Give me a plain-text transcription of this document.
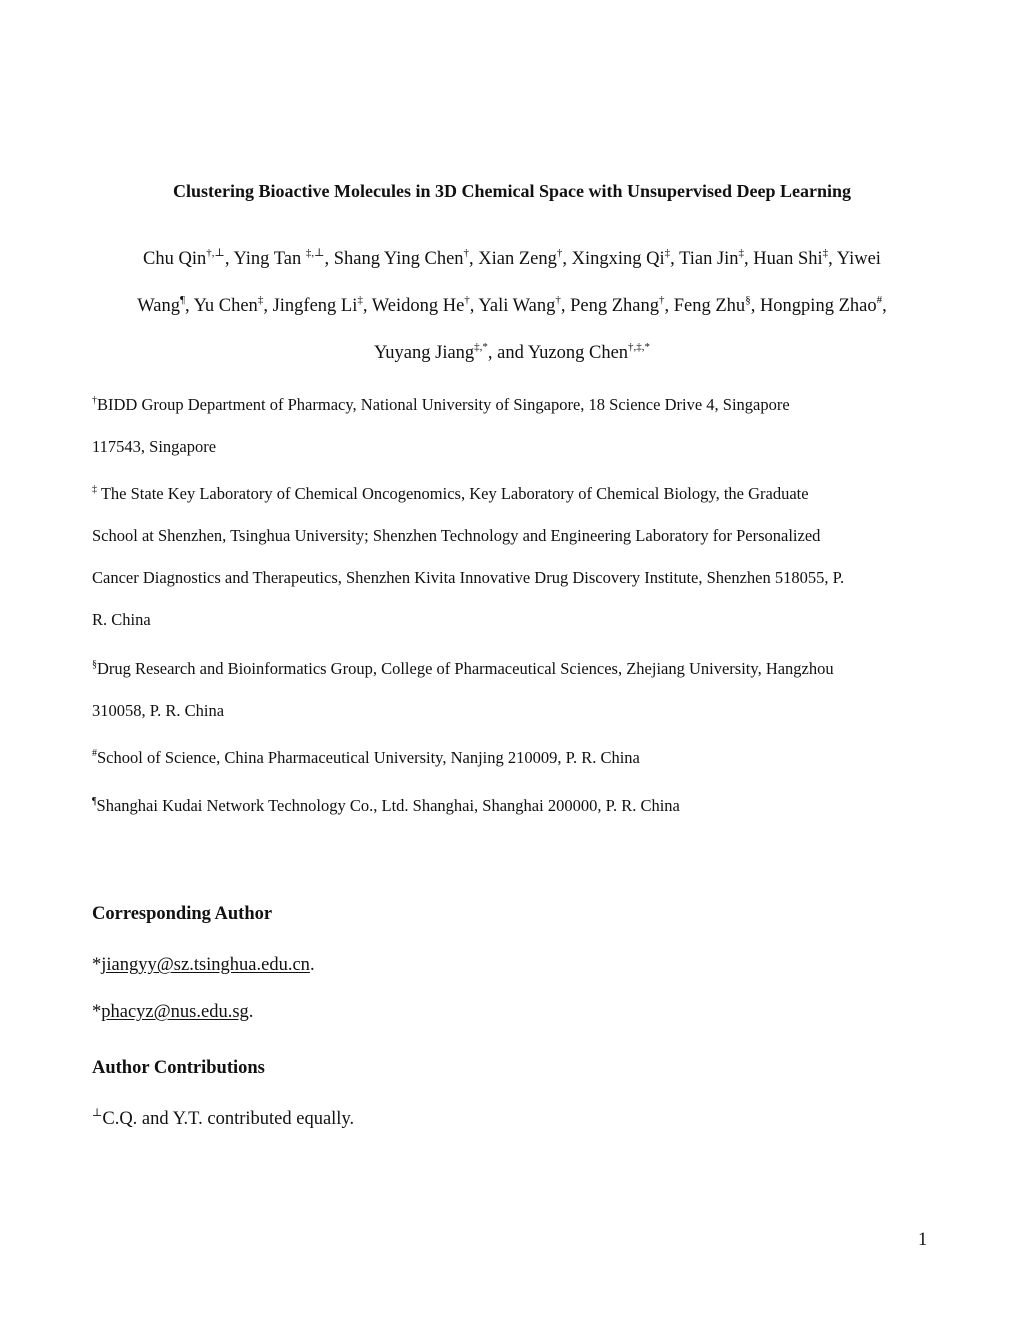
Clustering Bioactive Molecules in 3D Chemical Space with Unsupervised Deep Learning
Chu Qin†,⊥, Ying Tan ‡,⊥, Shang Ying Chen†, Xian Zeng†, Xingxing Qi‡, Tian Jin‡, Huan Shi‡, Yiwei
Wang¶, Yu Chen‡, Jingfeng Li‡, Weidong He†, Yali Wang†, Peng Zhang†, Feng Zhu§, Hongping Zhao#,
Yuyang Jiang‡,*, and Yuzong Chen†,‡,*
†BIDD Group Department of Pharmacy, National University of Singapore, 18 Science Drive 4, Singapore
117543, Singapore
‡ The State Key Laboratory of Chemical Oncogenomics, Key Laboratory of Chemical Biology, the Graduate
School at Shenzhen, Tsinghua University; Shenzhen Technology and Engineering Laboratory for Personalized
Cancer Diagnostics and Therapeutics, Shenzhen Kivita Innovative Drug Discovery Institute, Shenzhen 518055, P.
R. China
§Drug Research and Bioinformatics Group, College of Pharmaceutical Sciences, Zhejiang University, Hangzhou
310058, P. R. China
#School of Science, China Pharmaceutical University, Nanjing 210009, P. R. China
¶Shanghai Kudai Network Technology Co., Ltd. Shanghai, Shanghai 200000, P. R. China
Corresponding Author
*jiangyy@sz.tsinghua.edu.cn.
*phacyz@nus.edu.sg.
Author Contributions
⊥C.Q. and Y.T. contributed equally.
1
